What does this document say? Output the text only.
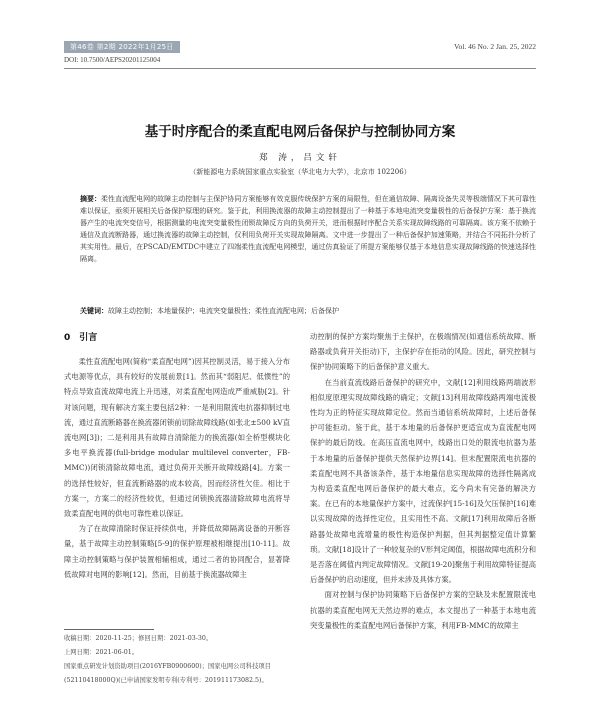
第46卷 第2期 2022年1月25日	Vol. 46 No. 2 Jan. 25, 2022
DOI: 10.7500/AEPS20201125004
基于时序配合的柔直配电网后备保护与控制协同方案
郑 涛，吕文轩
（新能源电力系统国家重点实验室（华北电力大学），北京市 102206）
摘要：柔性直流配电网的故障主动控制与主保护协同方案能够有效克服传统保护方案的局限性，但在通信故障、隔离设备失灵等极端情况下其可靠性难以保证，亟须开展相关后备保护原理的研究。鉴于此，利用换流器的故障主动控制提出了一种基于本地电流突变量极性的后备保护方案：基于换流器产生的电流突变信号，根据测量的电流突变量极性闭锁故障反方向的负荷开关，进而根据时序配合关系实现故障线路的可靠隔离。该方案不依赖于通信及直流断路器，通过换流器的故障主动控制，仅利用负荷开关实现故障隔离。文中进一步提出了一种后备保护加速策略，并结合不同拓扑分析了其实用性。最后，在PSCAD/EMTDC中建立了四端柔性直流配电网模型，通过仿真验证了所提方案能够仅基于本地信息实现故障线路的快速选择性隔离。
关键词：故障主动控制；本地量保护；电流突变量极性；柔性直流配电网；后备保护
0　引言

柔性直流配电网(简称“柔直配电网”)因其控制灵活，易于接入分布式电源等优点，具有较好的发展前景[1]。然而其“弱阻尼、低惯性”的特点导致直流故障电流上升迅速，对柔直配电网造成严重威胁[2]。针对该问题，现有解决方案主要包括2种：一是利用限流电抗器抑制过电流，通过直流断路器在换流器闭锁前切除故障线路(如张北±500 kV直流电网[3])；二是利用具有故障自清除能力的换流器(如全桥型模块化多电平换流器(full-bridge modular multilevel converter，FB-MMC))闭锁清除故障电流，通过负荷开关断开故障线路[4]。方案一的选择性较好，但直流断路器的成本较高，因而经济性欠佳。相比于方案一，方案二的经济性较优，但通过闭锁换流器清除故障电流将导致柔直配电网的供电可靠性难以保证。

为了在故障清除时保证持续供电，并降低故障隔离设备的开断容量，基于故障主动控制策略[5-9]的保护原理被相继提出[10-11]。故障主动控制策略与保护装置相辅相成，通过二者的协同配合，显著降低故障对电网的影响[12]。然而，目前基于换流器故障主

动控制的保护方案均聚焦于主保护，在极端情况(如通信系统故障、断路器或负荷开关拒动)下，主保护存在拒动的风险。因此，研究控制与保护协同策略下的后备保护意义重大。

在当前直流线路后备保护的研究中，文献[12]利用线路两端波形相似度原理实现故障线路的确定；文献[13]利用故障线路两端电流极性均为正的特征实现故障定位。然而当通信系统故障时，上述后备保护可能拒动。鉴于此，基于本地量的后备保护更适宜成为直流配电网保护的最后防线。在高压直流电网中，线路出口处的限流电抗器为基于本地量的后备保护提供天然保护边界[14]。但末配置限流电抗器的柔直配电网不具备该条件，基于本地量信息实现故障的选择性隔离成为构造柔直配电网后备保护的最大难点，迄今尚未有完备的解决方案。在已有的本地量保护方案中，过流保护[15-16]及欠压保护[16]难以实现故障的选择性定位，且实用性不高。文献[17]利用故障后各断路器处故障电流增量的极性构造保护判据，但其判据整定值计算繁琐。文献[18]设计了一种较复杂的V形判定阈值，根据故障电流积分和是否落在阈值内判定故障情况。文献[19-20]聚焦于利用故障特征提高后备保护的启动速度，但并未涉及具体方案。

面对控制与保护协同策略下后备保护方案的空缺及未配置限流电抗器的柔直配电网无天然边界的难点，本文提出了一种基于本地电流突变量极性的柔直配电网后备保护方案，利用FB-MMC的故障主

收稿日期：2020-11-25；修回日期：2021-03-30。
上网日期：2021-06-01。
国家重点研发计划资助项目(2016YFB0900600)；国家电网公司科技项目(52110418000Q)(已申请国家发明专利(专利号：201911173082.5)。
